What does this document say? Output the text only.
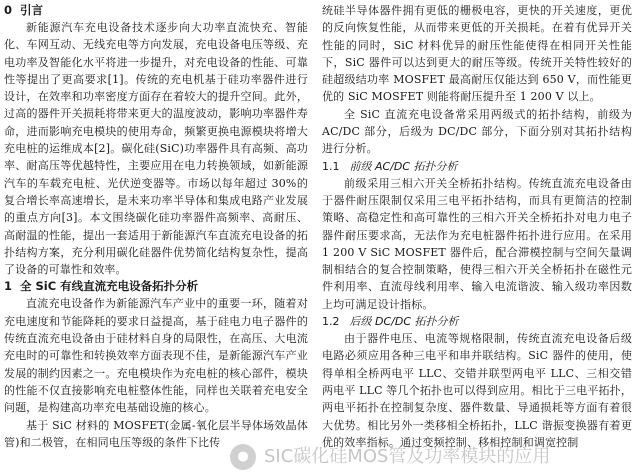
0 引言

新能源汽车充电设备技术逐步向大功率直流快充、智能化、车网互动、无线充电等方向发展，充电设备电压等级、充电功率及智能化水平将进一步提升，对充电设备的性能、可靠性等提出了更高要求[1]。传统的充电机基于硅功率器件进行设计，在效率和功率密度方面存在着较大的提升空间。此外，过高的器件开关损耗将带来更大的温度波动，影响功率器件寿命，进而影响充电模块的使用寿命，频繁更换电源模块将增大充电桩的运维成本[2]。碳化硅(SiC)功率器件具有高频、高功率、耐高压等优越特性，主要应用在电力转换领域，如新能源汽车的车载充电桩、光伏逆变器等。市场以每年超过 30%的复合增长率高速增长，是未来功率半导体和集成电路产业发展的重点方向[3]。本文围绕碳化硅功率器件高频率、高耐压、高耐温的性能，提出一套适用于新能源汽车直流充电设备的拓扑结构方案，充分利用碳化硅器件优势简化结构复杂性，提高了设备的可靠性和效率。

1 全 SiC 有线直流充电设备拓扑分析

直流充电设备作为新能源汽车产业中的重要一环，随着对充电速度和节能降耗的要求日益提高，基于硅电力电子器件的传统直流充电设备由于硅材料自身的局限性，在高压、大电流充电时的可靠性和转换效率方面表现不佳，是新能源汽车产业发展的制约因素之一。充电模块作为充电桩的核心部件，模块的性能不仅直接影响充电桩整体性能，同样也关联着充电安全问题，是构建高功率充电基础设施的核心。

基于 SiC 材料的 MOSFET(金属-氧化层半导体场效晶体管)和二极管，在相同电压等级的条件下比传

统硅半导体器件拥有更低的栅极电容，更快的开关速度，更优的反向恢复性能，从而带来更低的开关损耗。在着有优异开关性能的同时，SiC 材料优异的耐压性能使得在相同开关性能下，SiC 器件可以达到更大的耐压等级。传统开关特性较好的硅超级结功率 MOSFET 最高耐压仅能达到 650 V，而性能更优的 SiC MOSFET 则能将耐压提升至 1 200 V 以上。

全 SiC 直流充电设备常采用两级式的拓扑结构，前级为 AC/DC 部分，后级为 DC/DC 部分，下面分别对其拓扑结构进行分析。

1.1 前级 AC/DC 拓扑分析

前级采用三相六开关全桥拓扑结构。传统直流充电设备由于器件耐压限制仅采用三电平拓扑结构，而具有更简洁的控制策略、高稳定性和高可靠性的三相六开关全桥拓扑对电力电子器件耐压要求高，无法作为充电桩器件拓扑进行应用。在采用 1 200 V SiC MOSFET 器件后，配合滞模控制与空间矢量调制相结合的复合控制策略，使得三相六开关全桥拓扑在磁性元件利用率、直流母线利用率、输入电流谐波、输入级功率因数上均可满足设计指标。

1.2 后级 DC/DC 拓扑分析

由于器件电压、电流等规格限制，传统直流充电设备后级电路必须应用各种三电平和串并联结构。SiC 器件的使用，使得单相全桥两电平 LLC、交错并联型两电平 LLC、三相交错两电平 LLC 等几个拓扑也可以得到应用。相比于三电平拓扑，两电平拓扑在控制复杂度、器件数量、导通损耗等方面有着很大优势。相比另外一类移相全桥拓扑，LLC 谐振变换器有着更优的效率指标。通过变频控制、移相控制和调宽控制

● SIC碳化硅MOS管及功率模块的应用
